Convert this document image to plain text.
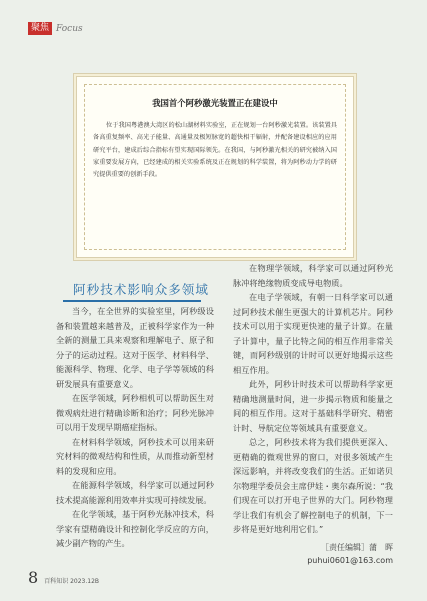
聚焦 Focus
我国首个阿秒激光装置正在建设中
位于我国粤港澳大湾区的松山湖材料实验室，正在规划一台阿秒激光装置。该装置具备高重复频率、高光子能量、高通量及极短脉宽的超快相干辐射，并配备建设相应的应用研究平台，建成后综合指标有望实现国际领先。在我国，与阿秒激光相关的研究被纳入国家重要发展方向，已经建成的相关实验系统及正在规划的科学装置，将为阿秒动力学的研究提供重要的创新手段。
阿秒技术影响众多领域

当今，在全世界的实验室里，阿秒级设备和装置越来越普及，正被科学家作为一种全新的测量工具来观察和理解电子、原子和分子的运动过程。这对于医学、材料科学、能源科学、物理、化学、电子学等领域的科研发展具有重要意义。

在医学领域，阿秒相机可以帮助医生对微观病灶进行精确诊断和治疗；阿秒光脉冲可以用于发现早期癌症指标。

在材料科学领域，阿秒技术可以用来研究材料的微观结构和性质，从而推动新型材料的发现和应用。

在能源科学领域，科学家可以通过阿秒技术提高能源利用效率并实现可持续发展。

在化学领域，基于阿秒光脉冲技术，科学家有望精确设计和控制化学反应的方向，减少副产物的产生。

在物理学领域，科学家可以通过阿秒光脉冲将绝缘物质变成导电物质。

在电子学领域，有朝一日科学家可以通过阿秒技术催生更强大的计算机芯片。阿秒技术可以用于实现更快速的量子计算。在量子计算中，量子比特之间的相互作用非常关键，而阿秒级别的计时可以更好地揭示这些相互作用。

此外，阿秒计时技术可以帮助科学家更精确地测量时间，进一步揭示物质和能量之间的相互作用。这对于基础科学研究、精密计时、导航定位等领域具有重要意义。

总之，阿秒技术将为我们提供更深入、更精确的微观世界的窗口，对很多领域产生深远影响，并将改变我们的生活。正如诺贝尔物理学委员会主席伊娃・奥尔森所说：“我们现在可以打开电子世界的大门。阿秒物理学让我们有机会了解控制电子的机制，下一步将是更好地利用它们。”

［责任编辑］蒲　晖
puhui0601@163.com
8 百科知识 2023.12B
